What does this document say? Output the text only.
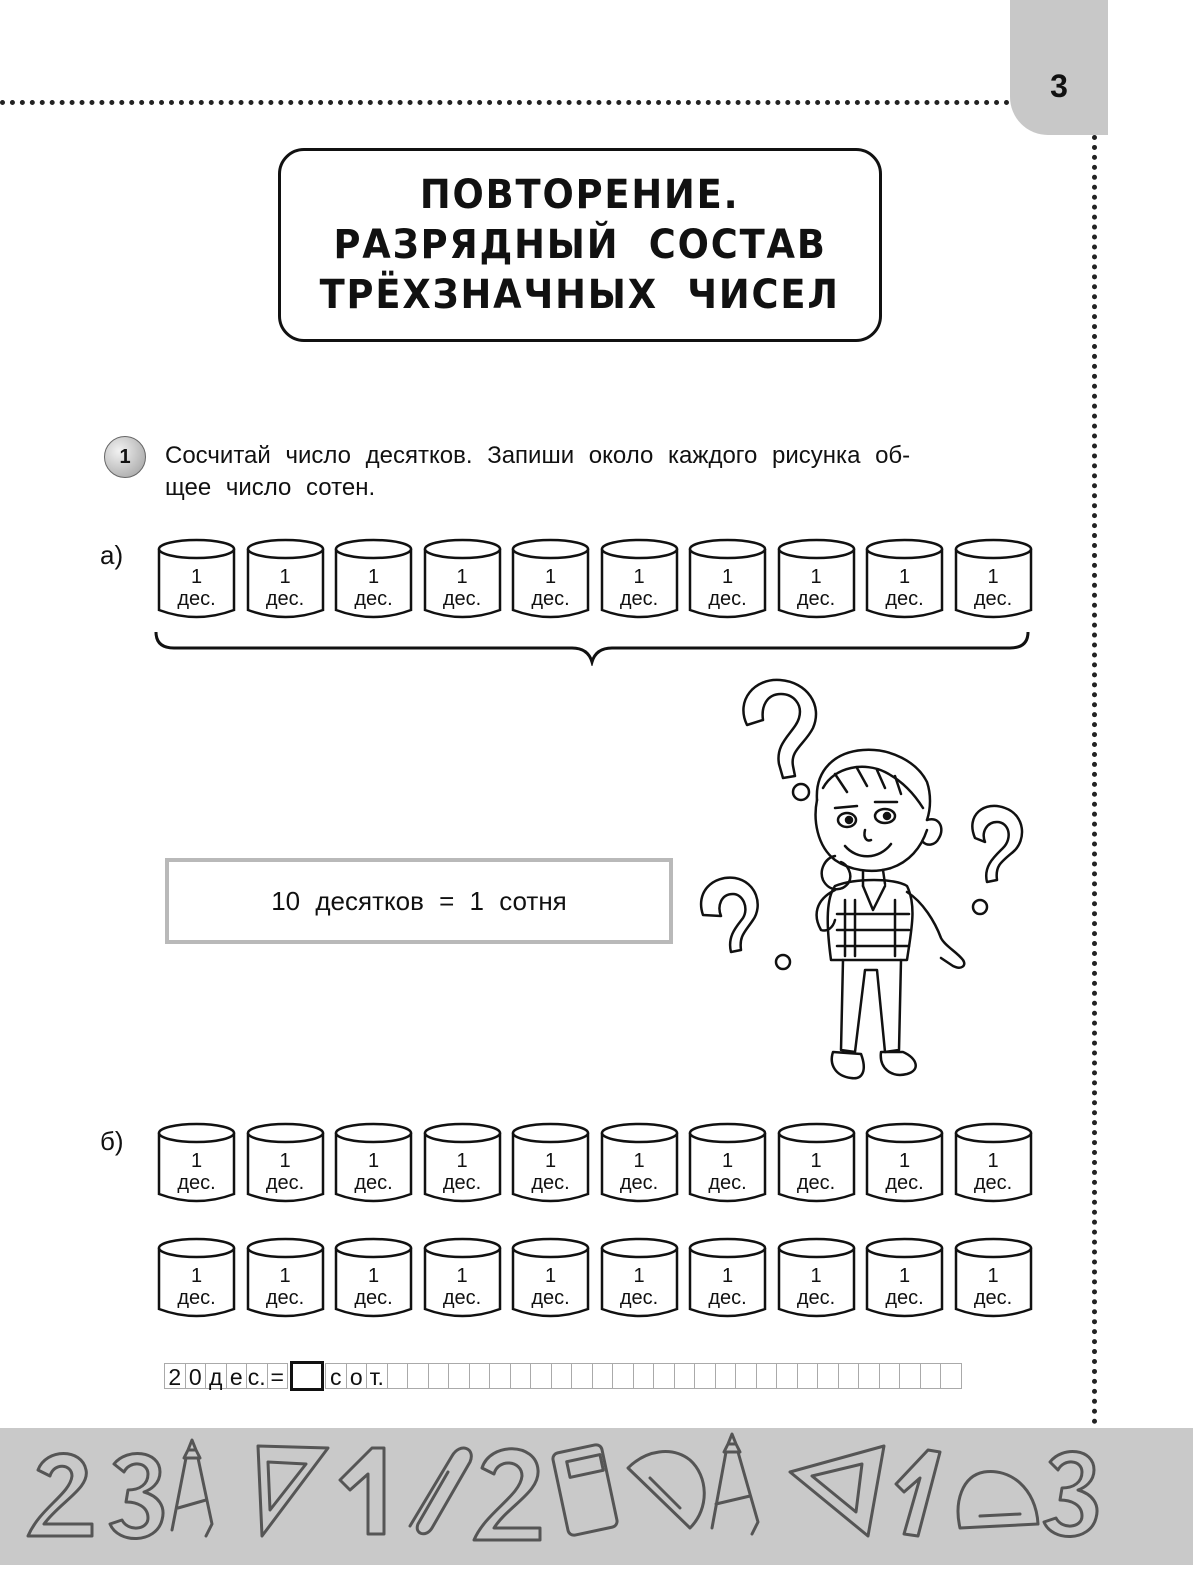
3
ПОВТОРЕНИЕ.
РАЗРЯДНЫЙ СОСТАВ
ТРЁХЗНАЧНЫХ ЧИСЕЛ
1	Сосчитай число десятков. Запиши около каждого рисунка об-
щее число сотен.
а)
1
дес.
1
дес.
1
дес.
1
дес.
1
дес.
1
дес.
1
дес.
1
дес.
1
дес.
1
дес.
10 десятков = 1 сотня
б)
1
дес.
1
дес.
1
дес.
1
дес.
1
дес.
1
дес.
1
дес.
1
дес.
1
дес.
1
дес.
1
дес.
1
дес.
1
дес.
1
дес.
1
дес.
1
дес.
1
дес.
1
дес.
1
дес.
1
дес.
2 0 д е с. = с о т.
